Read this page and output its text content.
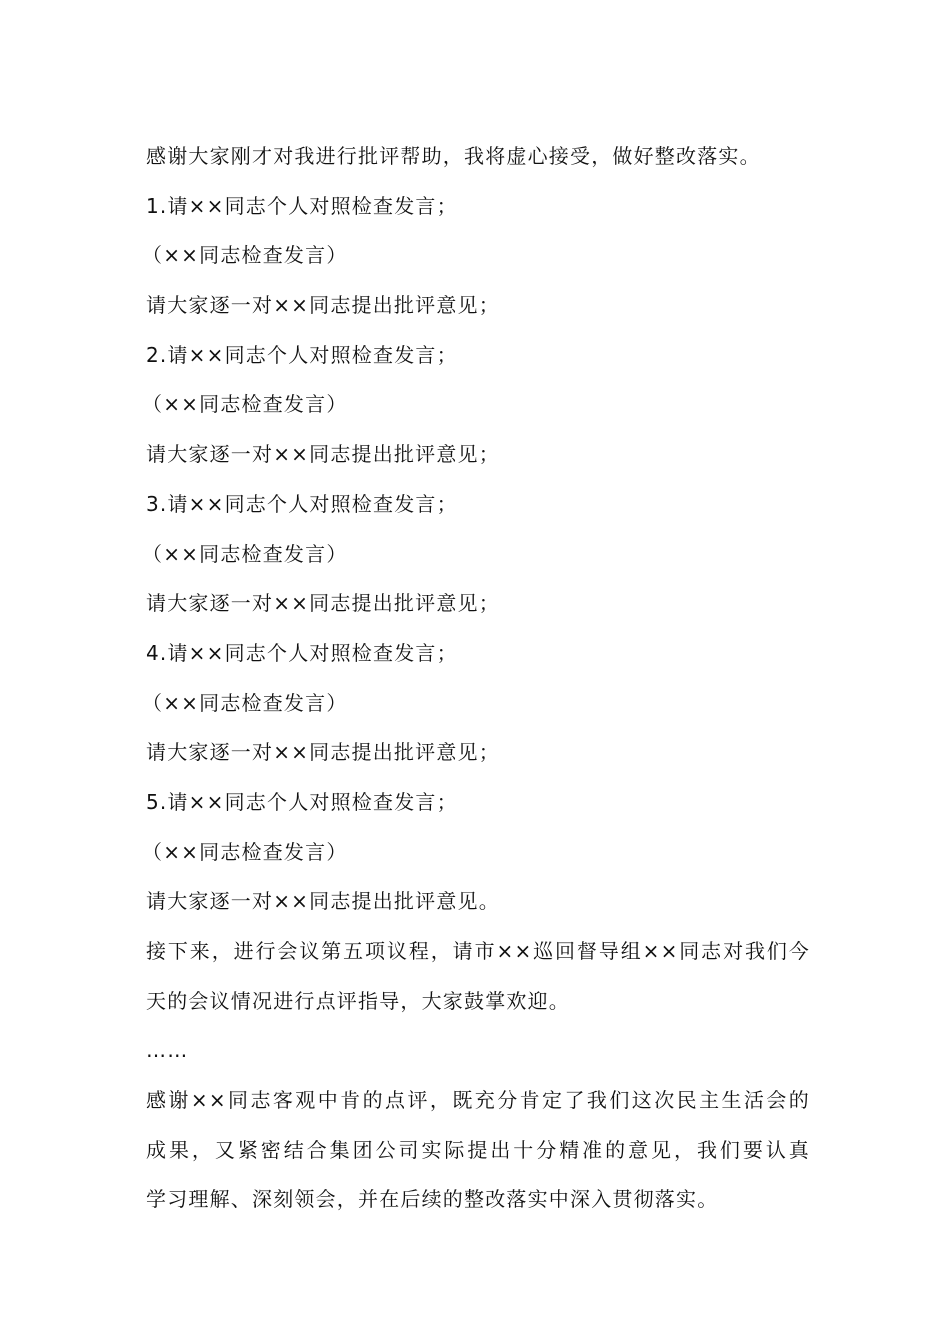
感谢大家刚才对我进行批评帮助，我将虚心接受，做好整改落实。
1.请××同志个人对照检查发言；
（××同志检查发言）
请大家逐一对××同志提出批评意见；
2.请××同志个人对照检查发言；
（××同志检查发言）
请大家逐一对××同志提出批评意见；
3.请××同志个人对照检查发言；
（××同志检查发言）
请大家逐一对××同志提出批评意见；
4.请××同志个人对照检查发言；
（××同志检查发言）
请大家逐一对××同志提出批评意见；
5.请××同志个人对照检查发言；
（××同志检查发言）
请大家逐一对××同志提出批评意见。
接下来，进行会议第五项议程，请市××巡回督导组××同志对我们今
天的会议情况进行点评指导，大家鼓掌欢迎。
……
感谢××同志客观中肯的点评，既充分肯定了我们这次民主生活会的
成果，又紧密结合集团公司实际提出十分精准的意见，我们要认真
学习理解、深刻领会，并在后续的整改落实中深入贯彻落实。
